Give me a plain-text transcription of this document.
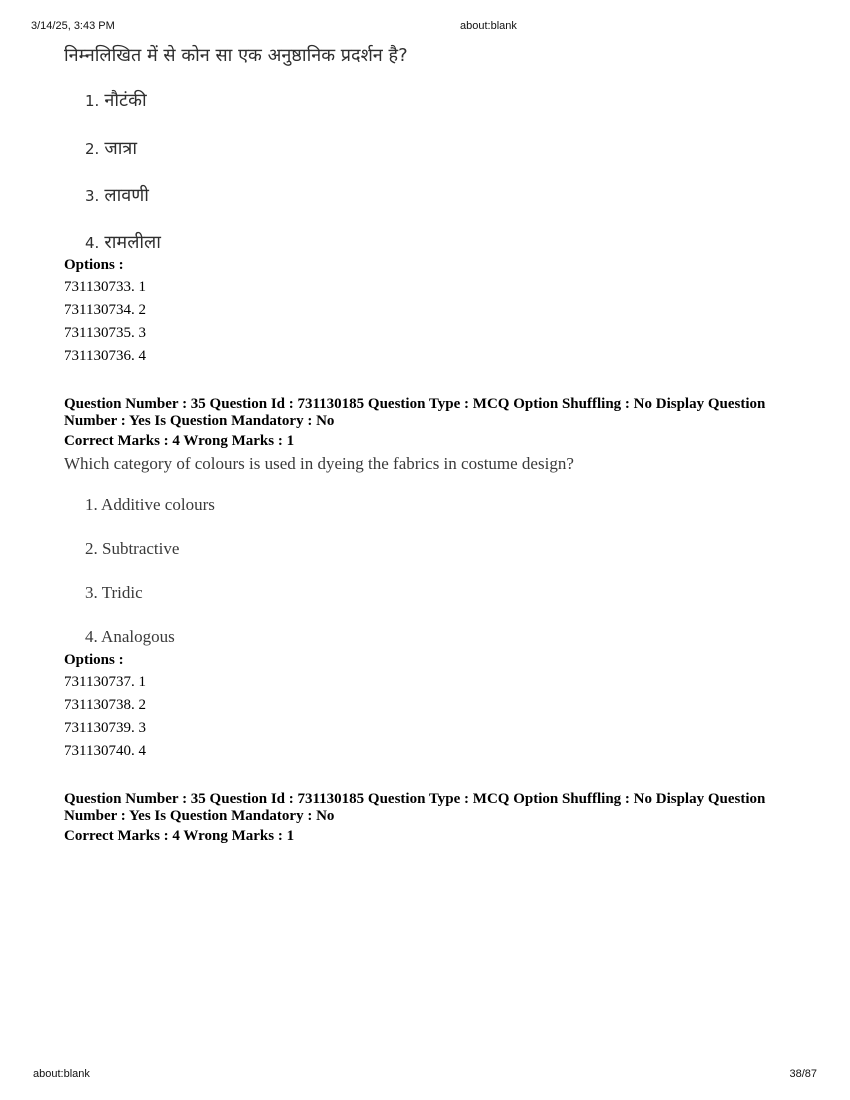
3/14/25, 3:43 PM	about:blank
निम्नलिखित में से कोन सा एक अनुष्ठानिक प्रदर्शन है?
1. नौटंकी
2. जात्रा
3. लावणी
4. रामलीला
Options :
731130733. 1
731130734. 2
731130735. 3
731130736. 4
Question Number : 35 Question Id : 731130185 Question Type : MCQ Option Shuffling : No Display Question
Number : Yes Is Question Mandatory : No
Correct Marks : 4 Wrong Marks : 1
Which category of colours is used in dyeing the fabrics in costume design?
1. Additive colours
2. Subtractive
3. Tridic
4. Analogous
Options :
731130737. 1
731130738. 2
731130739. 3
731130740. 4
Question Number : 35 Question Id : 731130185 Question Type : MCQ Option Shuffling : No Display Question
Number : Yes Is Question Mandatory : No
Correct Marks : 4 Wrong Marks : 1
about:blank	38/87
